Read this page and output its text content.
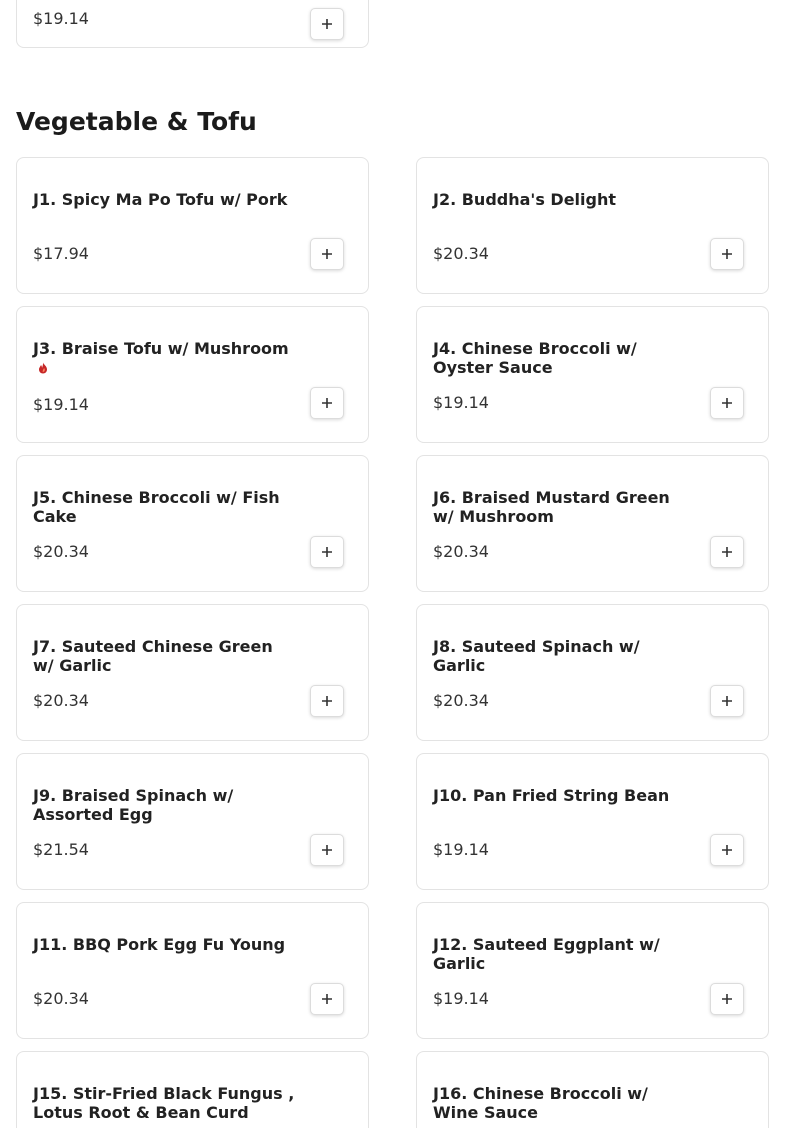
$19.14
Vegetable & Tofu
J1. Spicy Ma Po Tofu w/ Pork
$17.94
J2. Buddha's Delight
$20.34
J3. Braise Tofu w/ Mushroom

$19.14
J4. Chinese Broccoli w/ Oyster Sauce
$19.14
J5. Chinese Broccoli w/ Fish Cake
$20.34
J6. Braised Mustard Green w/ Mushroom
$20.34
J7. Sauteed Chinese Green w/ Garlic
$20.34
J8. Sauteed Spinach w/ Garlic
$20.34
J9. Braised Spinach w/ Assorted Egg
$21.54
J10. Pan Fried String Bean
$19.14
J11. BBQ Pork Egg Fu Young
$20.34
J12. Sauteed Eggplant w/ Garlic
$19.14
J15. Stir-Fried Black Fungus , Lotus Root & Bean Curd
J16. Chinese Broccoli w/ Wine Sauce
